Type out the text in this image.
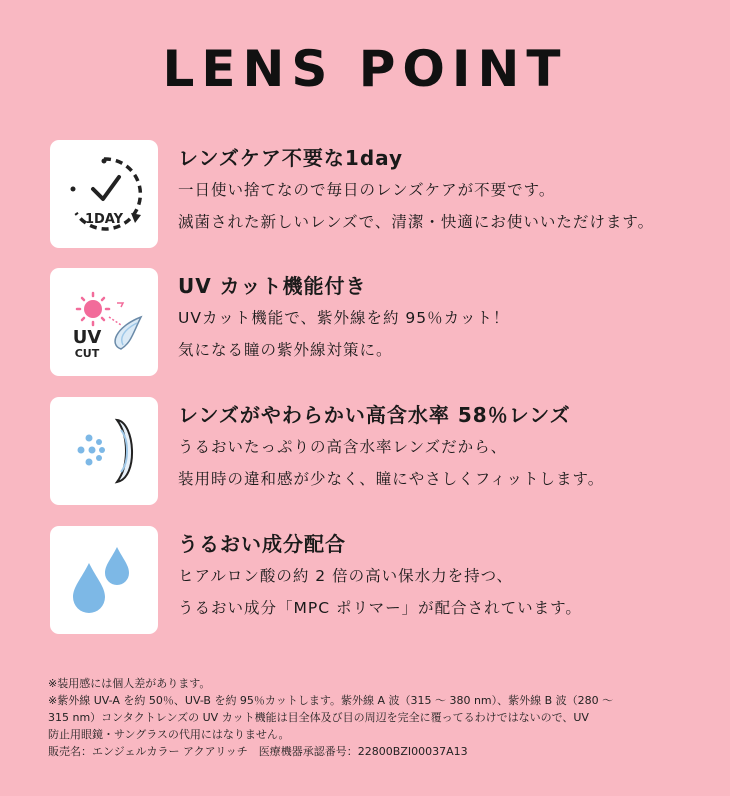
LENS POINT
1DAY
レンズケア不要な1day
一日使い捨てなので毎日のレンズケアが不要です。
滅菌された新しいレンズで、清潔・快適にお使いいただけます。
UV
CUT
UV カット機能付き
UVカット機能で、紫外線を約 95％カット！
気になる瞳の紫外線対策に。
レンズがやわらかい高含水率 58％レンズ
うるおいたっぷりの高含水率レンズだから、
装用時の違和感が少なく、瞳にやさしくフィットします。
うるおい成分配合
ヒアルロン酸の約 2 倍の高い保水力を持つ、
うるおい成分「MPC ポリマー」が配合されています。
※装用感には個人差があります。
※紫外線 UV-A を約 50％、UV-B を約 95％カットします。紫外線 A 波（315 ～ 380 nm）、紫外線 B 波（280 ～
315 nm）コンタクトレンズの UV カット機能は目全体及び目の周辺を完全に覆ってるわけではないので、UV
防止用眼鏡・サングラスの代用にはなりません。
販売名：エンジェルカラー アクアリッチ　医療機器承認番号：22800BZI00037A13
